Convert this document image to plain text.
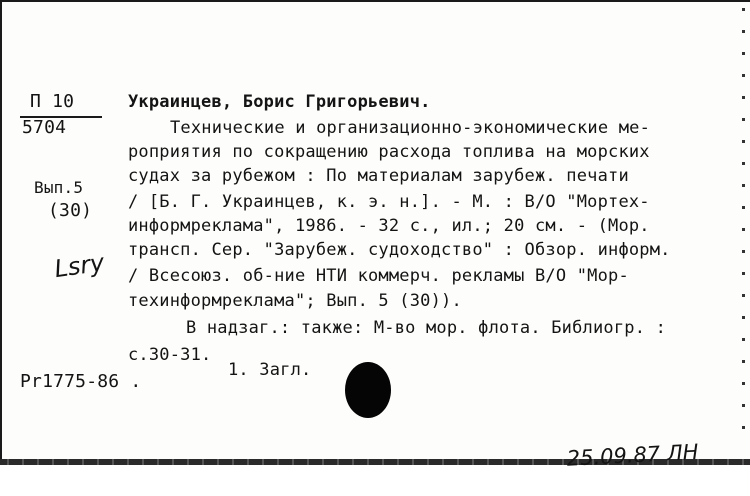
П 10
5704
Вып.5
(30)

Lsry

Украинцев, Борис Григорьевич.
Технические и организационно-экономические ме-
роприятия по сокращению расхода топлива на морских
судах за рубежом : По материалам зарубеж. печати
/ [Б. Г. Украинцев, к. э. н.]. - М. : В/О "Мортех-
информреклама", 1986. - 32 с., ил.; 20 см. - (Мор.
трансп. Сер. "Зарубеж. судоходство" : Обзор. информ.
/ Всесоюз. об-ние НТИ коммерч. рекламы В/О "Мор-
техинформреклама"; Вып. 5 (30)).
В надзаг.: также: М-во мор. флота. Библиогр. :
с.30-31.
1. Загл.
Pr1775-86 .

25.09.87 ЛН
